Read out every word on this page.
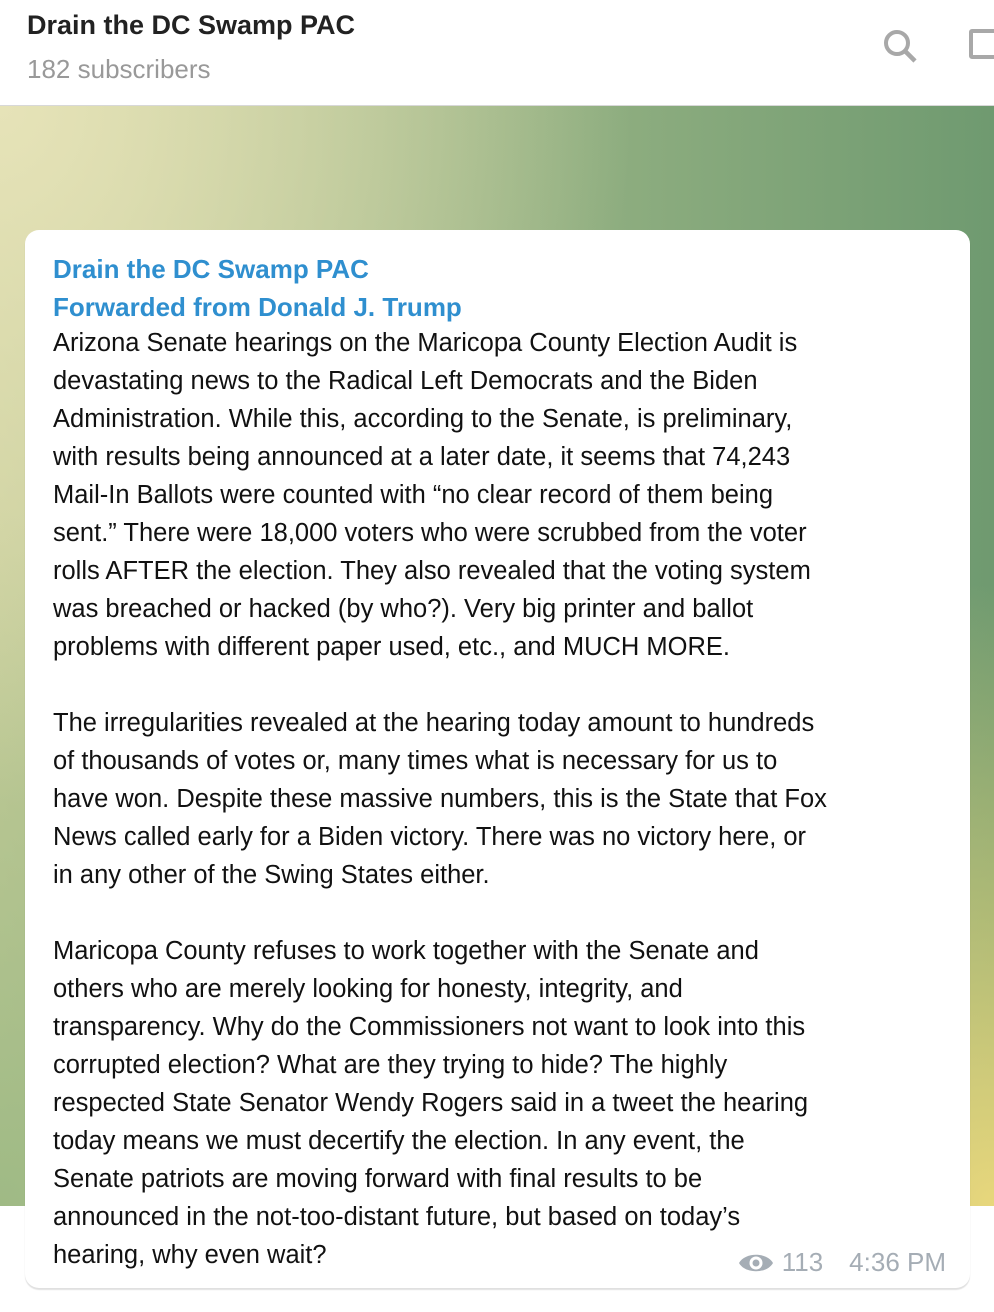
Drain the DC Swamp PAC
182 subscribers
Drain the DC Swamp PAC
Forwarded from Donald J. Trump
Arizona Senate hearings on the Maricopa County Election Audit is
devastating news to the Radical Left Democrats and the Biden
Administration. While this, according to the Senate, is preliminary,
with results being announced at a later date, it seems that 74,243
Mail-In Ballots were counted with “no clear record of them being
sent.” There were 18,000 voters who were scrubbed from the voter
rolls AFTER the election. They also revealed that the voting system
was breached or hacked (by who?). Very big printer and ballot
problems with different paper used, etc., and MUCH MORE.
The irregularities revealed at the hearing today amount to hundreds
of thousands of votes or, many times what is necessary for us to
have won. Despite these massive numbers, this is the State that Fox
News called early for a Biden victory. There was no victory here, or
in any other of the Swing States either.
Maricopa County refuses to work together with the Senate and
others who are merely looking for honesty, integrity, and
transparency. Why do the Commissioners not want to look into this
corrupted election? What are they trying to hide? The highly
respected State Senator Wendy Rogers said in a tweet the hearing
today means we must decertify the election. In any event, the
Senate patriots are moving forward with final results to be
announced in the not-too-distant future, but based on today’s
hearing, why even wait?	113 4:36 PM
